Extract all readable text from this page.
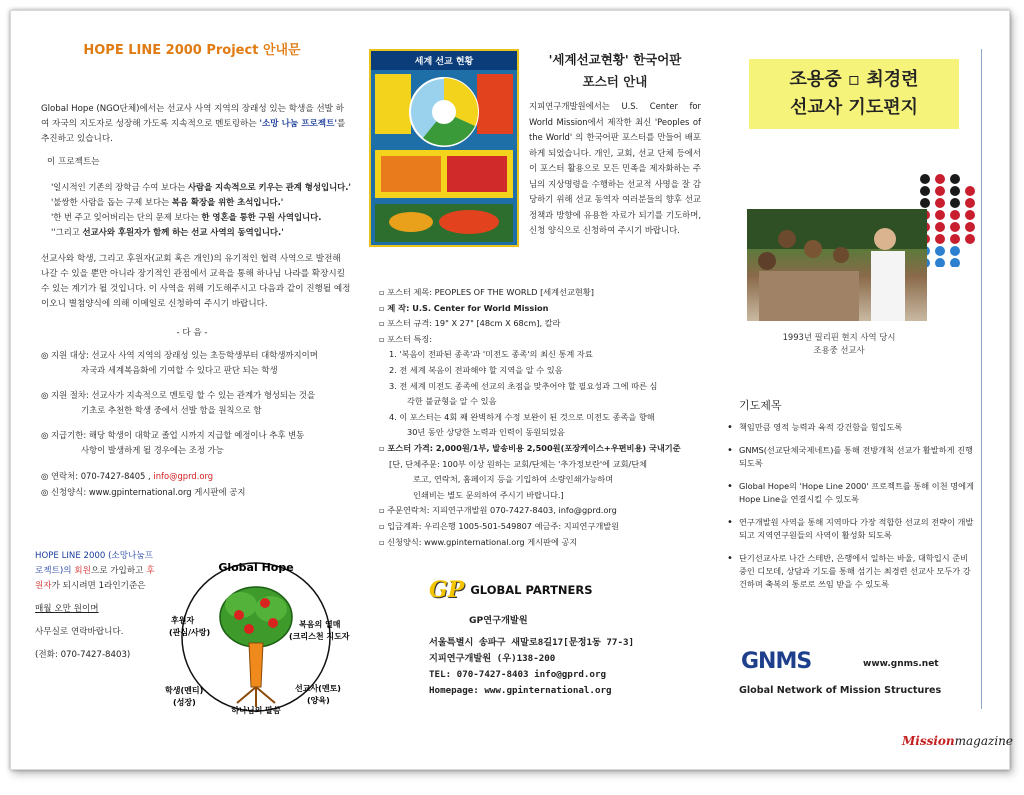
HOPE LINE 2000 Project 안내문
Global Hope (NGO단체)에서는 선교사 사역 지역의 장래성 있는 학생을 선발 하여 자국의 지도자로 성장해 가도록 지속적으로 멘토링하는 '소망 나눔 프로젝트'를 추진하고 있습니다.
이 프로젝트는
'일시적인 기존의 장학금 수여 보다는 사람을 지속적으로 키우는 관계 형성입니다.'
'불쌍한 사람을 돕는 구제 보다는 복음 확장을 위한 초석입니다.'
'한 번 주고 잊어버리는 단의 문제 보다는 한 영혼을 통한 구원 사역입니다.
''그리고 선교사와 후원자가 함께 하는 선교 사역의 동역입니다.'
선교사와 학생, 그리고 후원자(교회 혹은 개인)의 유기적인 협력 사역으로 발전해 나갈 수 있을 뿐만 아니라 장기적인 관점에서 교육을 통해 하나님 나라를 확장시킬 수 있는 계기가 될 것입니다. 이 사역을 위해 기도해주시고 다음과 같이 진행될 예정이오니 별첨양식에 의해 이메일로 신청하여 주시기 바랍니다.
- 다 음 -
◎ 지원 대상: 선교사 사역 지역의 장래성 있는 초등학생부터 대학생까지이며
자국과 세계복음화에 기여할 수 있다고 판단 되는 학생
◎ 지원 절차: 선교사가 지속적으로 멘토링 할 수 있는 관계가 형성되는 것을
기초로 추천한 학생 중에서 선발 함을 원칙으로 함
◎ 지급기한: 해당 학생이 대학교 졸업 시까지 지급할 예정이나 추후 변동
사항이 발생하게 될 경우에는 조정 가능
◎ 연락처: 070-7427-8405 , info@gprd.org
◎ 신청양식: www.gpinternational.org 게시판에 공지
HOPE LINE 2000 (소망나눔프로젝트)의 회원으로 가입하고 후원자가 되시려면 1라인기준은
매월 오만 원이며
사무실로 연락바랍니다.
(전화: 070-7427-8403)
Global Hope
후원자
(관심/사랑)
복음의 열매
(크리스천 지도자
학생(멘티)
(성장)
하나님의 말씀
선교사(멘토)
(양육)
세계 선교 현황	'세계선교현황' 한국어판
포스터 안내
지피연구개발원에서는 U.S. Center for World Mission에서 제작한 최신 'Peoples of the World' 의 한국어판 포스터를 만들어 배포하게 되었습니다. 개인, 교회, 선교 단체 등에서 이 포스터 활용으로 모든 민족을 제자화하는 주님의 지상명령을 수행하는 선교적 사명을 잘 감당하기 위해 선교 동역자 여러분들의 향후 선교 정책과 방향에 유용한 자료가 되기를 기도하며, 신청 양식으로 신청하여 주시기 바랍니다.
▫ 포스터 제목: PEOPLES OF THE WORLD [세계선교현황]
▫ 제 작: U.S. Center for World Mission
▫ 포스터 규격: 19" X 27" [48cm X 68cm], 칼라
▫ 포스터 특징:
1. '복음이 전파된 종족'과 '미전도 종족'의 최신 통계 자료
2. 전 세계 복음이 전파해야 할 지역을 알 수 있음
3. 전 세계 미전도 종족에 선교의 초점을 맞추어야 할 필요성과 그에 따른 심
각한 불균형을 알 수 있음
4. 이 포스터는 4회 째 완벽하게 수정 보완이 된 것으로 미전도 종족을 향해
30년 동안 상당한 노력과 인력이 동원되었음
▫ 포스터 가격: 2,000원/1부, 발송비용 2,500원(포장케이스+우편비용) 국내기준
[단, 단체주문: 100부 이상 원하는 교회/단체는 '추가정보란'에 교회/단체
로고, 연락처, 홈페이지 등을 기입하여 소량인쇄가능하며
인쇄비는 별도 문의하여 주시기 바랍니다.]
▫ 주문연락처: 지피연구개발원 070-7427-8403, info@gprd.org
▫ 입금계좌: 우리은행 1005-501-549807 예금주: 지피연구개발원
▫ 신청양식: www.gpinternational.org 게시판에 공지
GP GLOBAL PARTNERS
GP연구개발원
서울특별시 송파구 새말로8길17[문정1동 77-3]
지피연구개발원 (우)138-200
TEL: 070-7427-8403 info@gprd.org
Homepage: www.gpinternational.org
조용중 ▫ 최경련
선교사 기도편지
1993년 필리핀 현지 사역 당시
조용중 선교사
기도제목
• 책임만큼 영적 능력과 육적 강건함을 힘입도록
• GNMS(선교단체국제네트)를 통해 전방개척 선교가 활발하게 진행 되도록
• Global Hope의 'Hope Line 2000' 프로젝트를 통해 이천 명에게 Hope Line을 연결시킬 수 있도록
• 연구개발원 사역을 통해 지역마다 가장 적합한 선교의 전략이 개발되고 지역연구원들의 사역이 활성화 되도록
• 단기선교사로 나간 스테반, 은행에서 일하는 바울, 대학입시 준비 중인 디모데, 상담과 기도를 통해 섬기는 최경련 선교사 모두가 강건하며 축복의 통로로 쓰임 받을 수 있도록
GNMS	www.gnms.net
Global Network of Mission Structures
Missionmagazine
